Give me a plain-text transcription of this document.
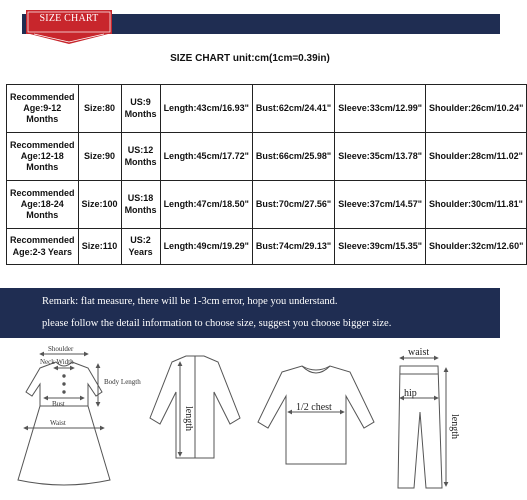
SIZE CHART
SIZE CHART unit:cm(1cm=0.39in)
Recommended Age:9-12 Months	Size:80	US:9 Months	Length:43cm/16.93"	Bust:62cm/24.41"	Sleeve:33cm/12.99"	Shoulder:26cm/10.24"
Recommended Age:12-18 Months	Size:90	US:12 Months	Length:45cm/17.72"	Bust:66cm/25.98"	Sleeve:35cm/13.78"	Shoulder:28cm/11.02"
Recommended Age:18-24 Months	Size:100	US:18 Months	Length:47cm/18.50"	Bust:70cm/27.56"	Sleeve:37cm/14.57"	Shoulder:30cm/11.81"
Recommended Age:2-3 Years	Size:110	US:2 Years	Length:49cm/19.29"	Bust:74cm/29.13"	Sleeve:39cm/15.35"	Shoulder:32cm/12.60"
Remark: flat measure, there will be 1-3cm error, hope you understand.
please follow the detail information to choose size, suggest you choose bigger size.
Shoulder
Neck Width
Bust
Waist
Body Length
length	1/2 chest
waist
hip
length
